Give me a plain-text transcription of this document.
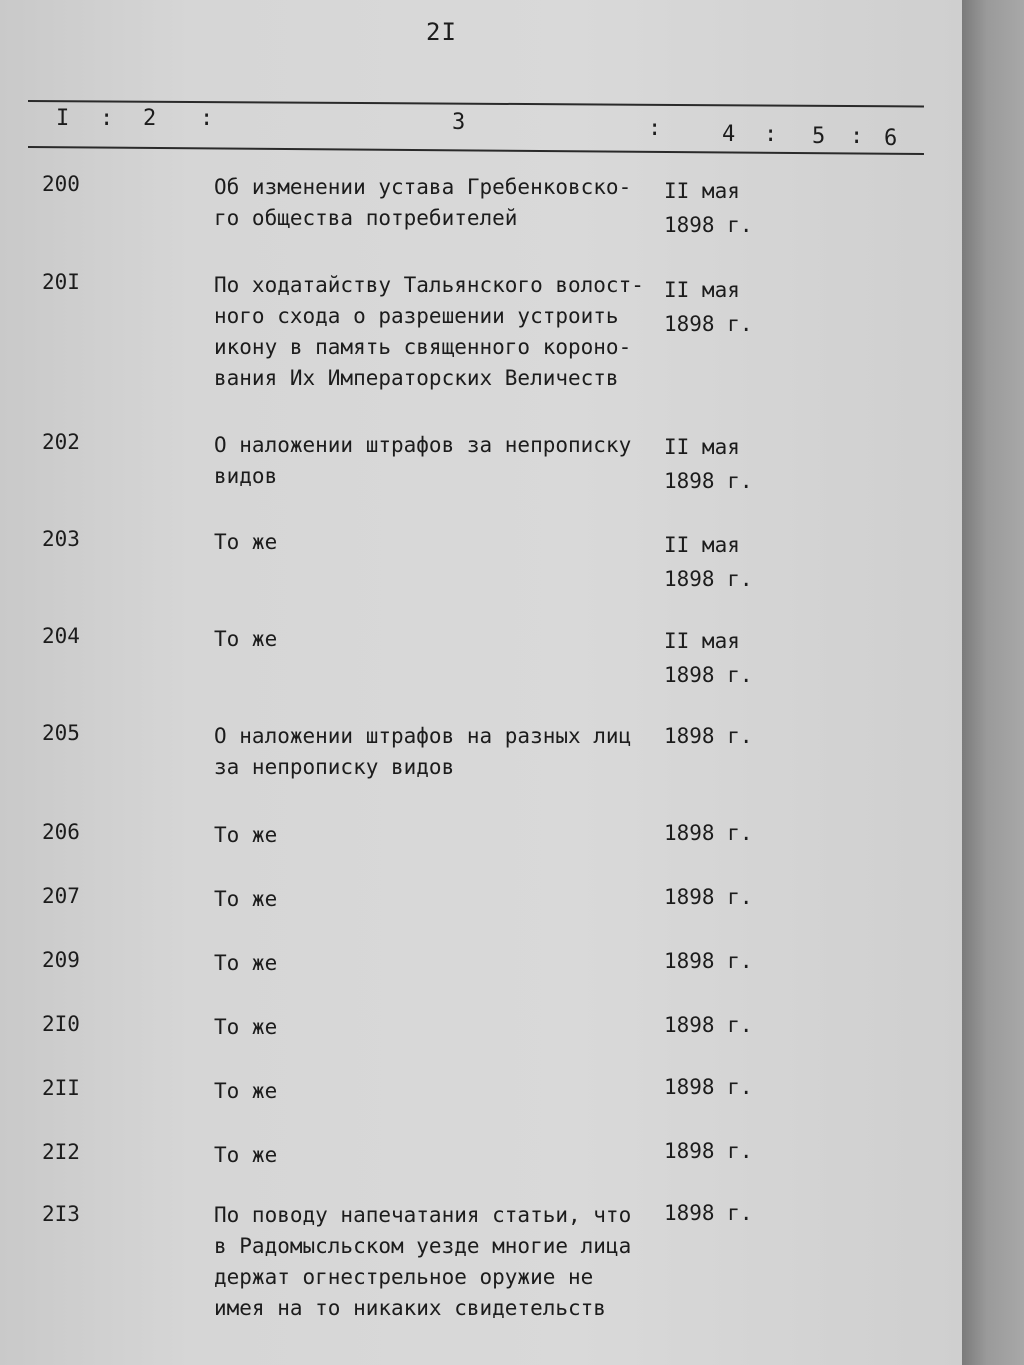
2I
I : 2 :	3	:	4 : 5 : 6
200	Об изменении устава Гребенковско-
го общества потребителей
II мая
1898 г.
20I	По ходатайству Тальянского волост-
ного схода о разрешении устроить
икону в память священного короно-
вания Их Императорских Величеств
II мая
1898 г.
202	О наложении штрафов за непрописку
видов
II мая
1898 г.
203	То же	II мая
1898 г.
204	То же	II мая
1898 г.
205	О наложении штрафов на разных лиц
за непрописку видов
1898 г.
206	То же	1898 г.
207	То же	1898 г.
209	То же	1898 г.
2I0	То же	1898 г.
2II	То же	1898 г.
2I2	То же	1898 г.
2I3	По поводу напечатания статьи, что
в Радомысльском уезде многие лица
держат огнестрельное оружие не
имея на то никаких свидетельств
1898 г.
